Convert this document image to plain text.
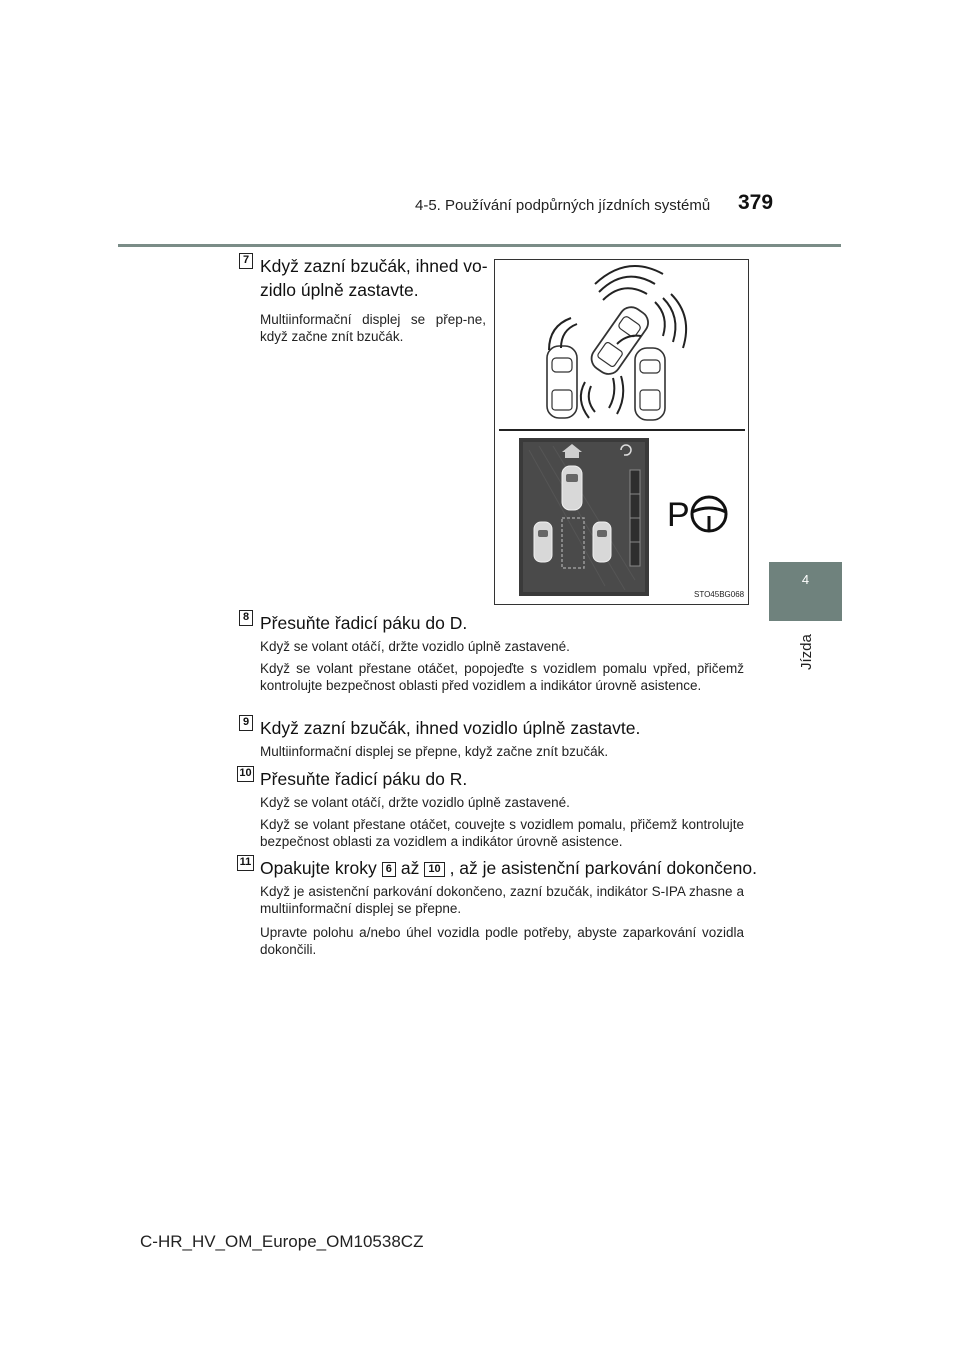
4-5. Používání podpůrných jízdních systémů 379
4
Jízda
7 Když zazní bzučák, ihned vo-
zidlo úplně zastavte.
Multiinformační displej se přep-ne, když začne znít bzučák.
P
STO45BG068
8 Přesuňte řadicí páku do D.
Když se volant otáčí, držte vozidlo úplně zastavené.
Když se volant přestane otáčet, popojeďte s vozidlem pomalu vpřed, přičemž kontrolujte bezpečnost oblasti před vozidlem a indikátor úrovně asistence.
9 Když zazní bzučák, ihned vozidlo úplně zastavte.
Multiinformační displej se přepne, když začne znít bzučák.
10 Přesuňte řadicí páku do R.
Když se volant otáčí, držte vozidlo úplně zastavené.
Když se volant přestane otáčet, couvejte s vozidlem pomalu, přičemž kontrolujte bezpečnost oblasti za vozidlem a indikátor úrovně asistence.
11 Opakujte kroky 6 až 10 , až je asistenční parkování dokončeno.
Když je asistenční parkování dokončeno, zazní bzučák, indikátor S-IPA zhasne a multiinformační displej se přepne.
Upravte polohu a/nebo úhel vozidla podle potřeby, abyste zaparkování vozidla dokončili.
C-HR_HV_OM_Europe_OM10538CZ
